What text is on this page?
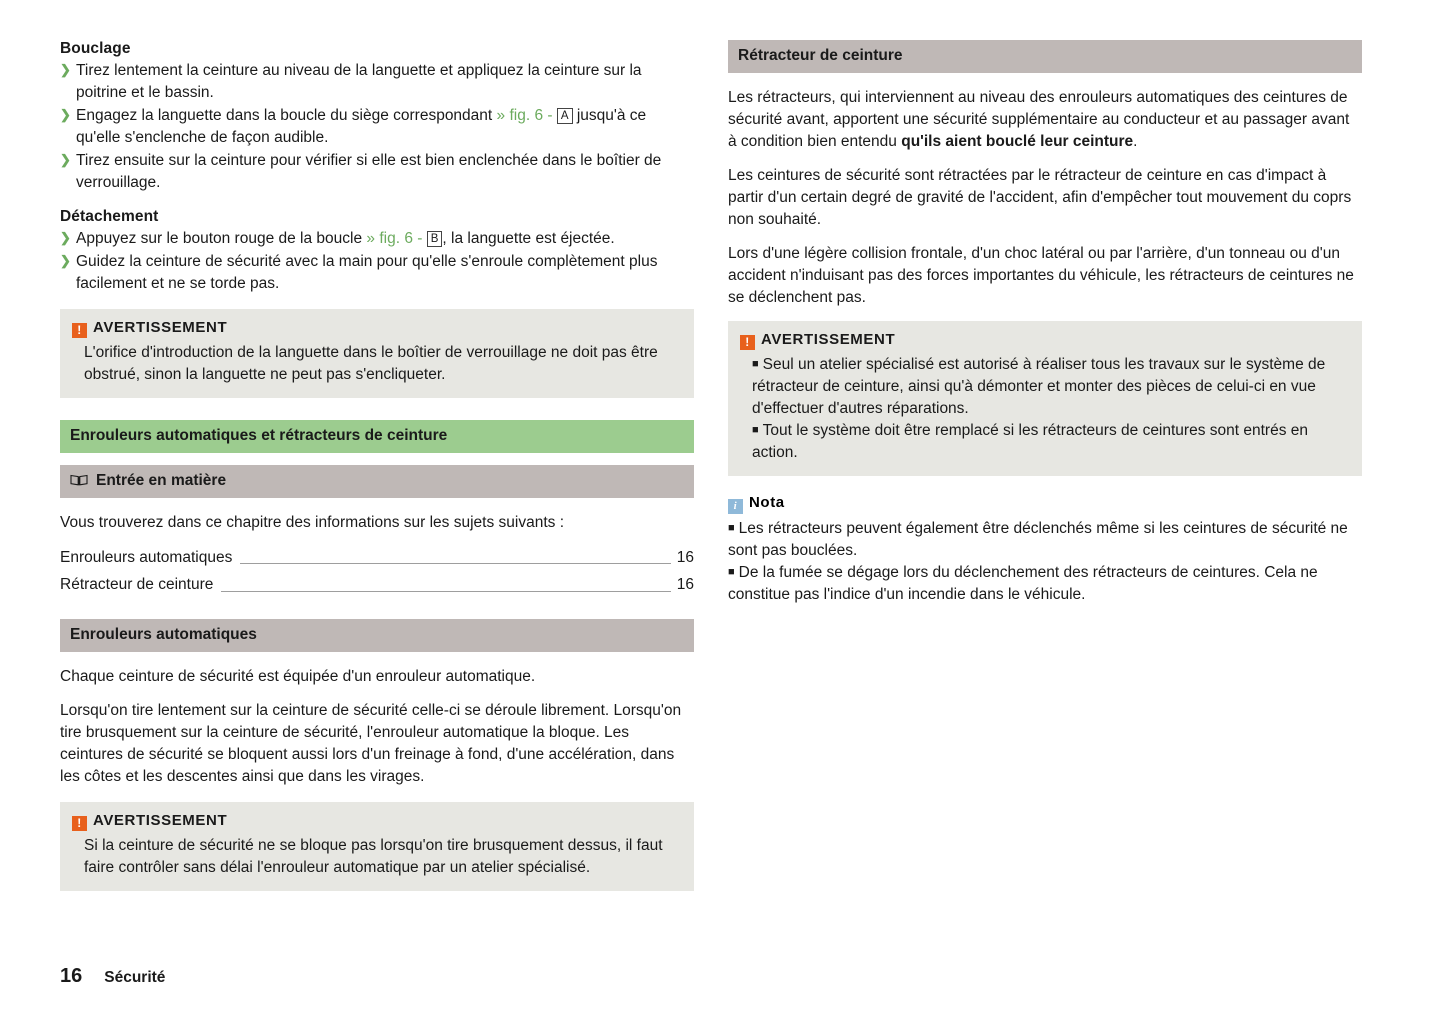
Bouclage
❯ Tirez lentement la ceinture au niveau de la languette et appliquez la ceinture sur la poitrine et le bassin.
❯ Engagez la languette dans la boucle du siège correspondant » fig. 6 - A jusqu'à ce qu'elle s'enclenche de façon audible.
❯ Tirez ensuite sur la ceinture pour vérifier si elle est bien enclenchée dans le boîtier de verrouillage.
Détachement
❯ Appuyez sur le bouton rouge de la boucle » fig. 6 - B , la languette est éjectée.
❯ Guidez la ceinture de sécurité avec la main pour qu'elle s'enroule complètement plus facilement et ne se torde pas.
! AVERTISSEMENT

L'orifice d'introduction de la languette dans le boîtier de verrouillage ne doit pas être obstrué, sinon la languette ne peut pas s'encliqueter.

Enrouleurs automatiques et rétracteurs de ceinture
Entrée en matière

Vous trouverez dans ce chapitre des informations sur les sujets suivants :

Enrouleurs automatiques	16
Rétracteur de ceinture	16
Enrouleurs automatiques

Chaque ceinture de sécurité est équipée d'un enrouleur automatique.

Lorsqu'on tire lentement sur la ceinture de sécurité celle-ci se déroule librement. Lorsqu'on tire brusquement sur la ceinture de sécurité, l'enrouleur automatique la bloque. Les ceintures de sécurité se bloquent aussi lors d'un freinage à fond, d'une accélération, dans les côtes et les descentes ainsi que dans les virages.

! AVERTISSEMENT

Si la ceinture de sécurité ne se bloque pas lorsqu'on tire brusquement dessus, il faut faire contrôler sans délai l'enrouleur automatique par un atelier spécialisé.

Rétracteur de ceinture

Les rétracteurs, qui interviennent au niveau des enrouleurs automatiques des ceintures de sécurité avant, apportent une sécurité supplémentaire au conducteur et au passager avant à condition bien entendu qu'ils aient bouclé leur ceinture.

Les ceintures de sécurité sont rétractées par le rétracteur de ceinture en cas d'impact à partir d'un certain degré de gravité de l'accident, afin d'empêcher tout mouvement du coprs non souhaité.

Lors d'une légère collision frontale, d'un choc latéral ou par l'arrière, d'un tonneau ou d'un accident n'induisant pas des forces importantes du véhicule, les rétracteurs de ceintures ne se déclenchent pas.

! AVERTISSEMENT

■ Seul un atelier spécialisé est autorisé à réaliser tous les travaux sur le système de rétracteur de ceinture, ainsi qu'à démonter et monter des pièces de celui-ci en vue d'effectuer d'autres réparations.

■ Tout le système doit être remplacé si les rétracteurs de ceintures sont entrés en action.

i Nota

■ Les rétracteurs peuvent également être déclenchés même si les ceintures de sécurité ne sont pas bouclées.

■ De la fumée se dégage lors du déclenchement des rétracteurs de ceintures. Cela ne constitue pas l'indice d'un incendie dans le véhicule.

16 Sécurité
